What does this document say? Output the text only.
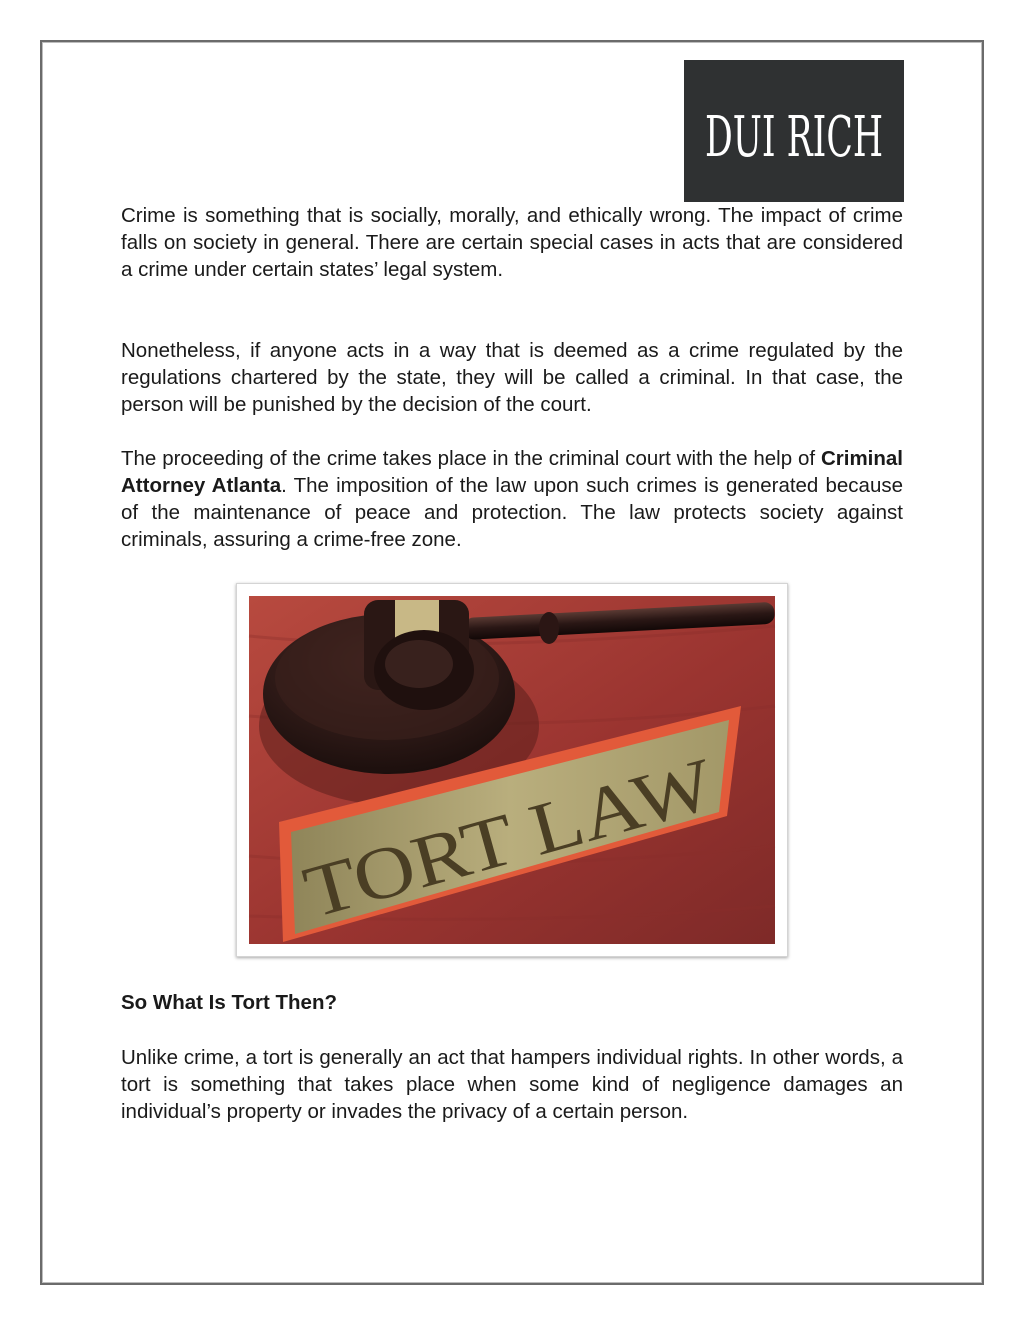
DUI RICH

Crime is something that is socially, morally, and ethically wrong. The impact of crime falls on society in general. There are certain special cases in acts that are considered a crime under certain states’ legal system.

Nonetheless, if anyone acts in a way that is deemed as a crime regulated by the regulations chartered by the state, they will be called a criminal. In that case, the person will be punished by the decision of the court.

The proceeding of the crime takes place in the criminal court with the help of Criminal Attorney Atlanta. The imposition of the law upon such crimes is generated because of the maintenance of peace and protection. The law protects society against criminals, assuring a crime-free zone.

TORT LAW

So What Is Tort Then?

Unlike crime, a tort is generally an act that hampers individual rights. In other words, a tort is something that takes place when some kind of negligence damages an individual’s property or invades the privacy of a certain person.
